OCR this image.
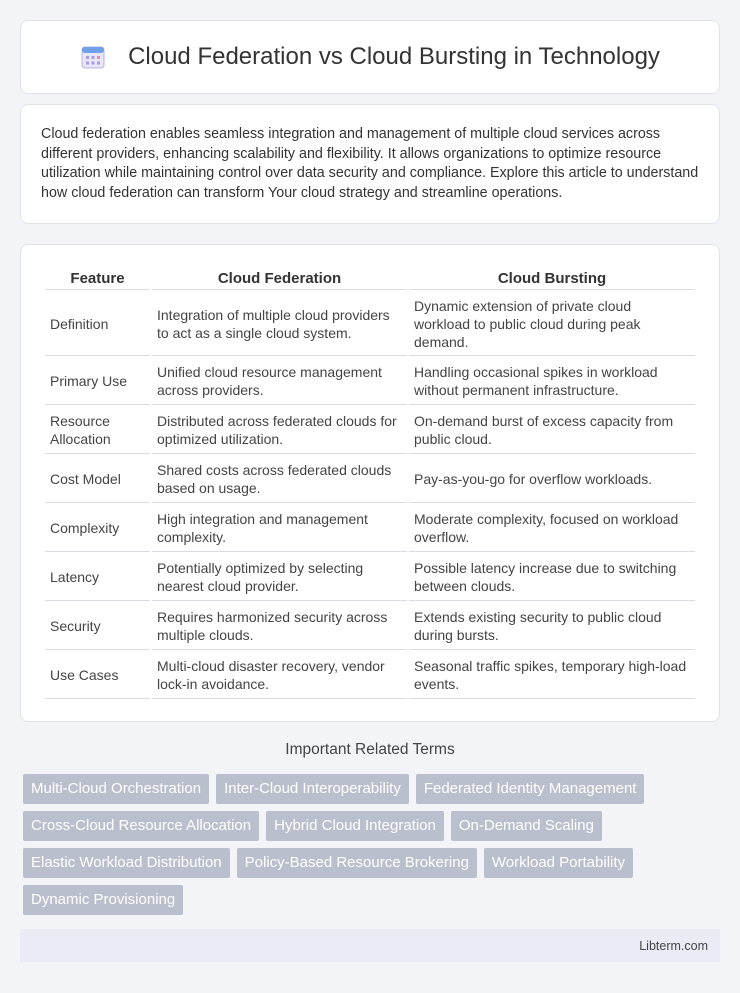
Cloud Federation vs Cloud Bursting in Technology

Cloud federation enables seamless integration and management of multiple cloud services across different providers, enhancing scalability and flexibility. It allows organizations to optimize resource utilization while maintaining control over data security and compliance. Explore this article to understand how cloud federation can transform Your cloud strategy and streamline operations.

Feature	Cloud Federation	Cloud Bursting
Definition	Integration of multiple cloud providers to act as a single cloud system.	Dynamic extension of private cloud workload to public cloud during peak demand.
Primary Use	Unified cloud resource management across providers.	Handling occasional spikes in workload without permanent infrastructure.
Resource Allocation	Distributed across federated clouds for optimized utilization.	On-demand burst of excess capacity from public cloud.
Cost Model	Shared costs across federated clouds based on usage.	Pay-as-you-go for overflow workloads.
Complexity	High integration and management complexity.	Moderate complexity, focused on workload overflow.
Latency	Potentially optimized by selecting nearest cloud provider.	Possible latency increase due to switching between clouds.
Security	Requires harmonized security across multiple clouds.	Extends existing security to public cloud during bursts.
Use Cases	Multi-cloud disaster recovery, vendor lock-in avoidance.	Seasonal traffic spikes, temporary high-load events.
Important Related Terms
Multi-Cloud Orchestration	Inter-Cloud Interoperability	Federated Identity Management
Cross-Cloud Resource Allocation	Hybrid Cloud Integration	On-Demand Scaling
Elastic Workload Distribution	Policy-Based Resource Brokering	Workload Portability
Dynamic Provisioning
Libterm.com
